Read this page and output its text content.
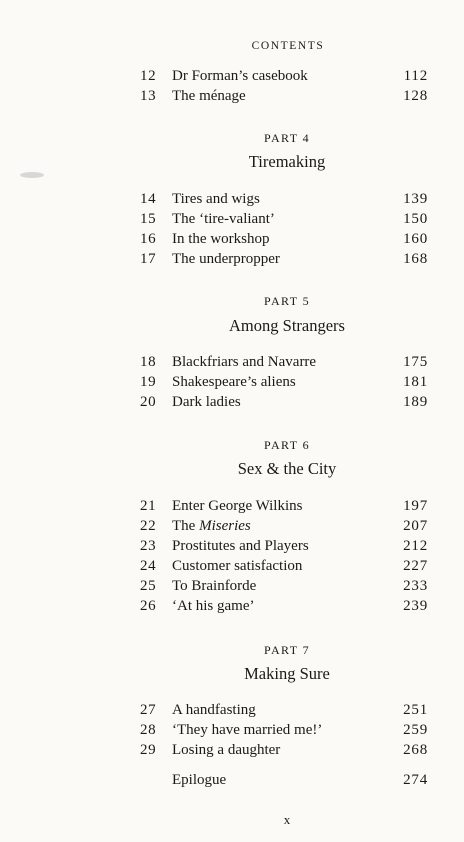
CONTENTS
12	Dr Forman’s casebook	112
13	The ménage	128
PART 4
Tiremaking
14	Tires and wigs	139
15	The ‘tire-valiant’	150
16	In the workshop	160
17	The underpropper	168
PART 5
Among Strangers
18	Blackfriars and Navarre	175
19	Shakespeare’s aliens	181
20	Dark ladies	189
PART 6
Sex & the City
21	Enter George Wilkins	197
22	The Miseries	207
23	Prostitutes and Players	212
24	Customer satisfaction	227
25	To Brainforde	233
26	‘At his game’	239
PART 7
Making Sure
27	A handfasting	251
28	‘They have married me!’	259
29	Losing a daughter	268
Epilogue	274
x
